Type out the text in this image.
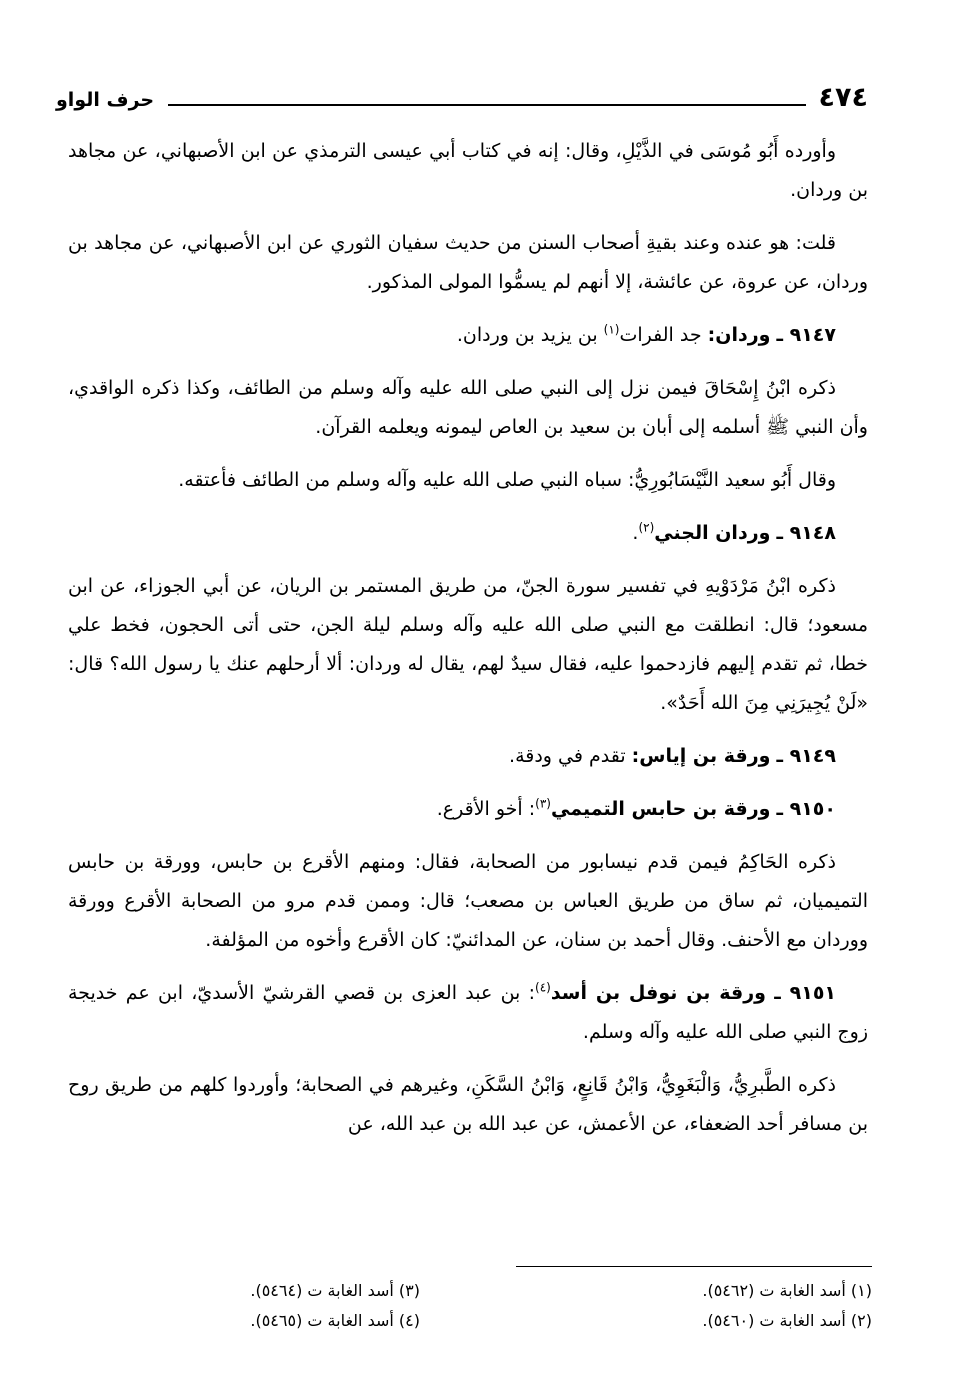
٤٧٤
حرف الواو

وأورده أَبُو مُوسَى في الذَّيْلِ، وقال: إنه في كتاب أبي عيسى الترمذي عن ابن الأصبهاني، عن مجاهد بن وردان.

قلت: هو عنده وعند بقيةِ أصحاب السنن من حديث سفيان الثوري عن ابن الأصبهاني، عن مجاهد بن وردان، عن عروة، عن عائشة، إلا أنهم لم يسمُّوا المولى المذكور.

٩١٤٧ ـ وردان: جد الفرات$^{(١)}$ بن يزيد بن وردان.

ذكره ابْنُ إِسْحَاقَ فيمن نزل إلى النبي صلى الله عليه وآله وسلم من الطائف، وكذا ذكره الواقدي، وأن النبي ﷺ أسلمه إلى أبان بن سعيد بن العاص ليمونه ويعلمه القرآن.

وقال أَبُو سعيد النَّيْسَابُورِيُّ: سباه النبي صلى الله عليه وآله وسلم من الطائف فأعتقه.

٩١٤٨ ـ وردان الجني$^{(٢)}$.

ذكره ابْنُ مَرْدَوْيهِ في تفسير سورة الجنّ، من طريق المستمر بن الريان، عن أبي الجوزاء، عن ابن مسعود؛ قال: انطلقت مع النبي صلى الله عليه وآله وسلم ليلة الجن، حتى أتى الحجون، فخط علي خطا، ثم تقدم إليهم فازدحموا عليه، فقال سيدٌ لهم، يقال له وردان: ألا أرحلهم عنك يا رسول الله؟ قال: «لَنْ يُجِيرَنِي مِنَ الله أَحَدٌ».

٩١٤٩ ـ ورقة بن إياس: تقدم في ودقة.

٩١٥٠ ـ ورقة بن حابس التميمي$^{(٣)}$: أخو الأقرع.

ذكره الحَاكِمُ فيمن قدم نيسابور من الصحابة، فقال: ومنهم الأقرع بن حابس، وورقة بن حابس التميميان، ثم ساق من طريق العباس بن مصعب؛ قال: وممن قدم مرو من الصحابة الأقرع وورقة ووردان مع الأحنف. وقال أحمد بن سنان، عن المدائنيّ: كان الأقرع وأخوه من المؤلفة.

٩١٥١ ـ ورقة بن نوفل بن أسد$^{(٤)}$: بن عبد العزى بن قصي القرشيّ الأسديّ، ابن عم خديجة زوج النبي صلى الله عليه وآله وسلم.

ذكره الطَّبرِيُّ، وَالْبَغَوِيُّ، وَابْنُ قَانِعٍ، وَابْنُ السَّكَنِ، وغيرهم في الصحابة؛ وأوردوا كلهم من طريق روح بن مسافر أحد الضعفاء، عن الأعمش، عن عبد الله بن عبد الله، عن

(١) أسد الغابة ت (٥٤٦٢).
(٢) أسد الغابة ت (٥٤٦٠).
(٣) أسد الغابة ت (٥٤٦٤).
(٤) أسد الغابة ت (٥٤٦٥).
